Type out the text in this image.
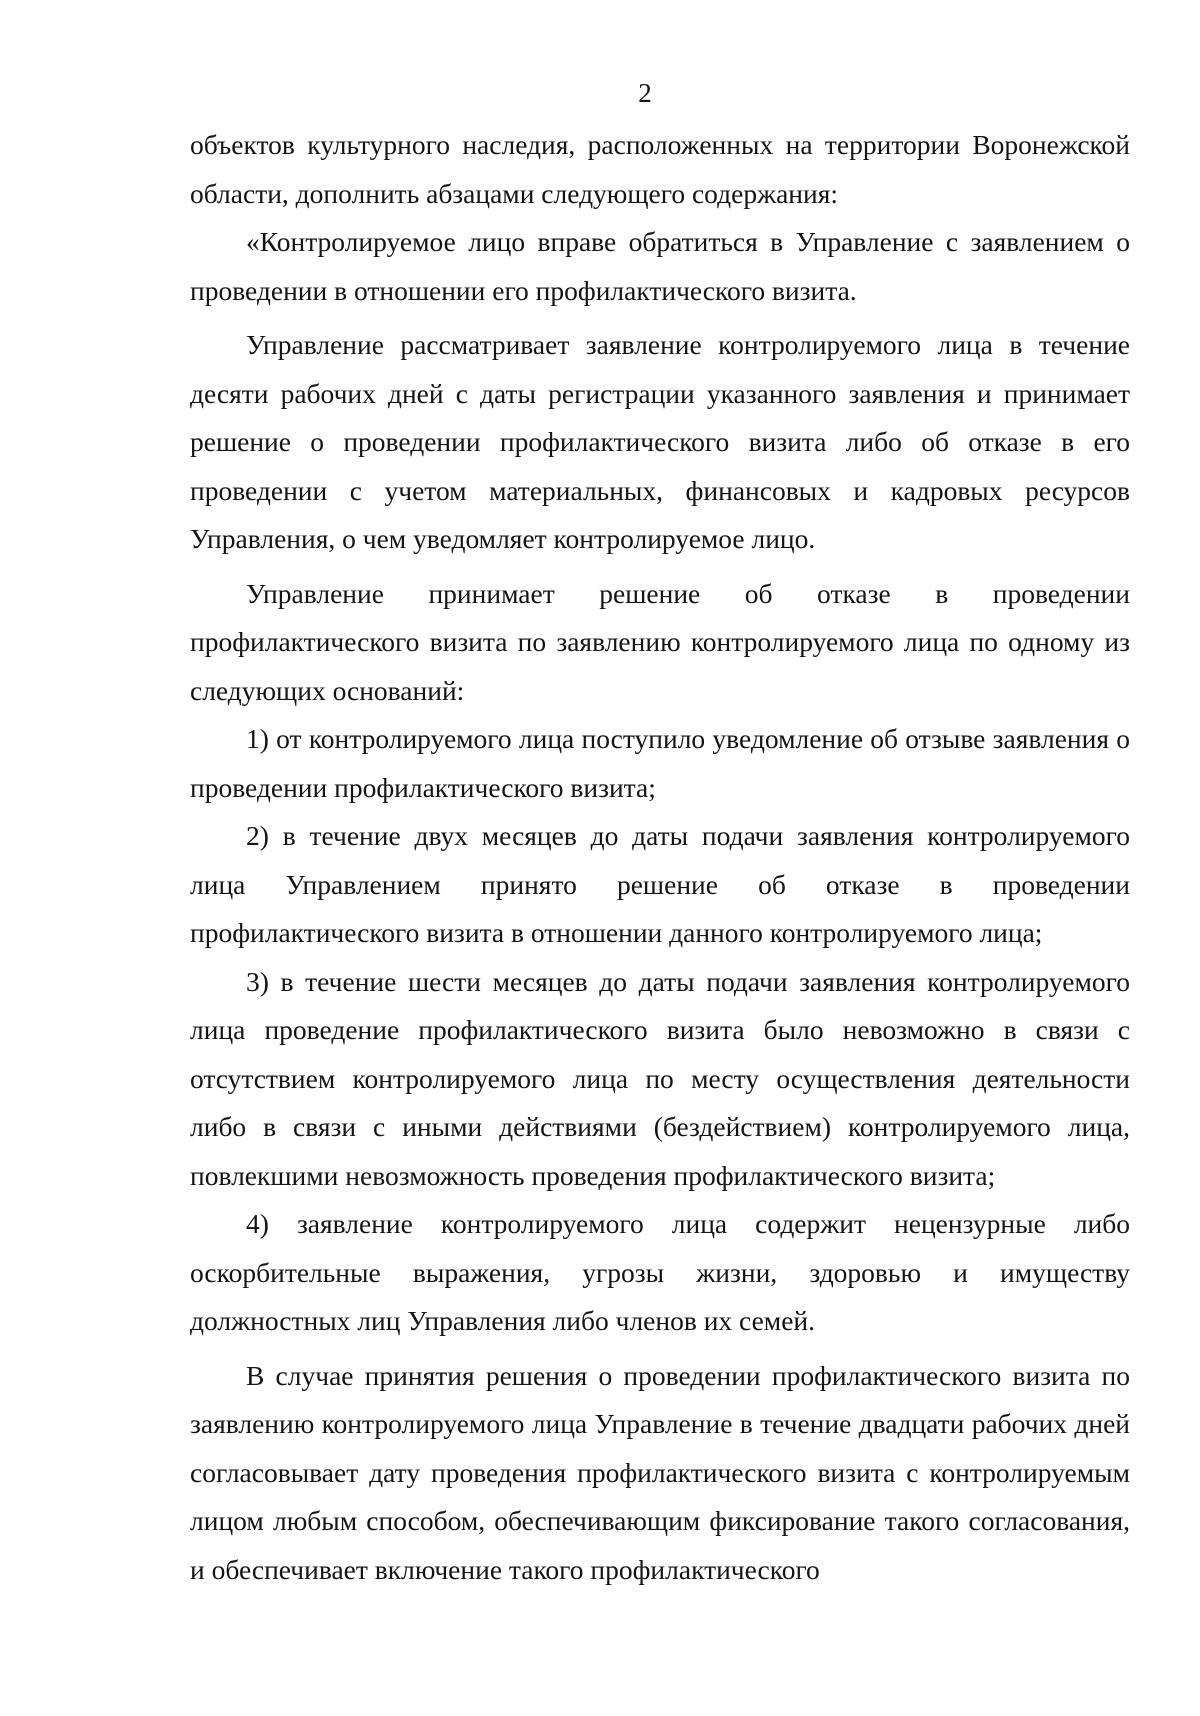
2

объектов культурного наследия, расположенных на территории Воронежской области, дополнить абзацами следующего содержания:

«Контролируемое лицо вправе обратиться в Управление с заявлением о проведении в отношении его профилактического визита.

Управление рассматривает заявление контролируемого лица в течение десяти рабочих дней с даты регистрации указанного заявления и принимает решение о проведении профилактического визита либо об отказе в его проведении с учетом материальных, финансовых и кадровых ресурсов Управления, о чем уведомляет контролируемое лицо.

Управление принимает решение об отказе в проведении профилактического визита по заявлению контролируемого лица по одному из следующих оснований:

1) от контролируемого лица поступило уведомление об отзыве заявления о проведении профилактического визита;

2) в течение двух месяцев до даты подачи заявления контролируемого лица Управлением принято решение об отказе в проведении профилактического визита в отношении данного контролируемого лица;

3) в течение шести месяцев до даты подачи заявления контролируемого лица проведение профилактического визита было невозможно в связи с отсутствием контролируемого лица по месту осуществления деятельности либо в связи с иными действиями (бездействием) контролируемого лица, повлекшими невозможность проведения профилактического визита;

4) заявление контролируемого лица содержит нецензурные либо оскорбительные выражения, угрозы жизни, здоровью и имуществу должностных лиц Управления либо членов их семей.

В случае принятия решения о проведении профилактического визита по заявлению контролируемого лица Управление в течение двадцати рабочих дней согласовывает дату проведения профилактического визита с контролируемым лицом любым способом, обеспечивающим фиксирование такого согласования, и обеспечивает включение такого профилактического
